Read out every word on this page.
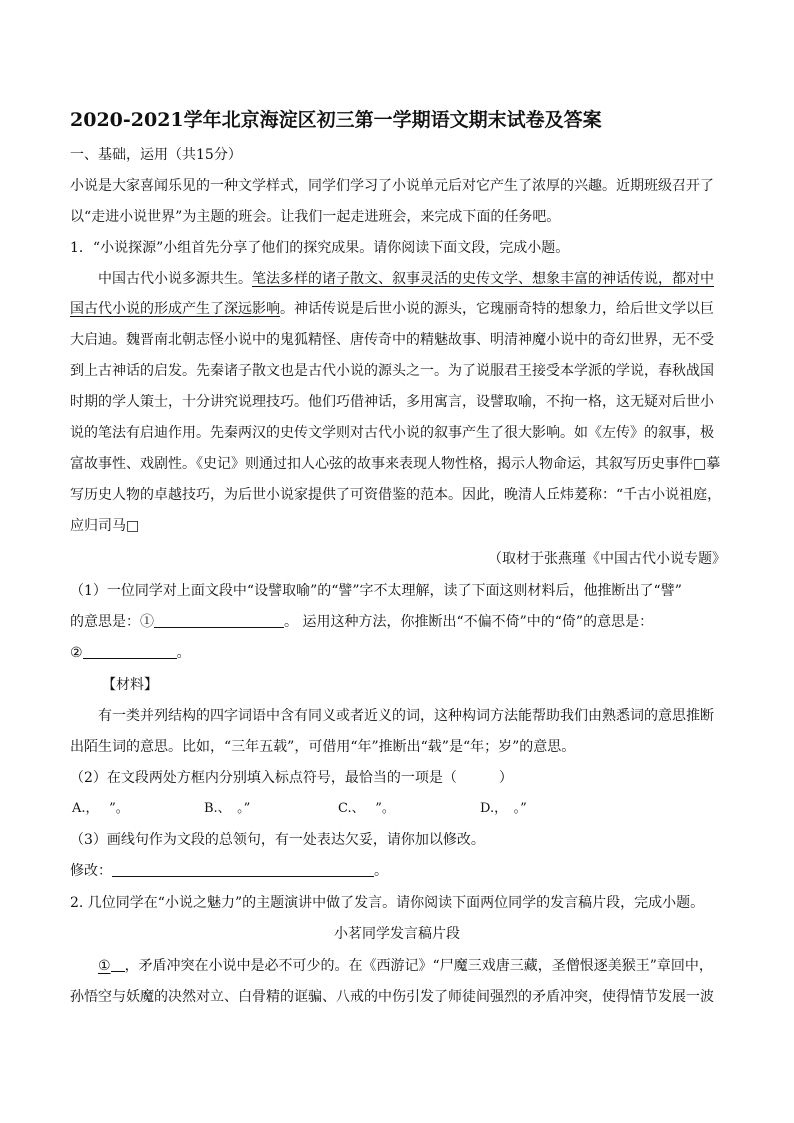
2020-2021学年北京海淀区初三第一学期语文期末试卷及答案
一、基础，运用（共15分）
小说是大家喜闻乐见的一种文学样式，同学们学习了小说单元后对它产生了浓厚的兴趣。近期班级召开了
以“走进小说世界”为主题的班会。让我们一起走进班会，来完成下面的任务吧。
1．“小说探源”小组首先分享了他们的探究成果。请你阅读下面文段，完成小题。
中国古代小说多源共生。笔法多样的诸子散文、叙事灵活的史传文学、想象丰富的神话传说，都对中
国古代小说的形成产生了深远影响。神话传说是后世小说的源头，它瑰丽奇特的想象力，给后世文学以巨
大启迪。魏晋南北朝志怪小说中的鬼狐精怪、唐传奇中的精魅故事、明清神魔小说中的奇幻世界，无不受
到上古神话的启发。先秦诸子散文也是古代小说的源头之一。为了说服君王接受本学派的学说，春秋战国
时期的学人策士，十分讲究说理技巧。他们巧借神话，多用寓言，设譬取喻，不拘一格，这无疑对后世小
说的笔法有启迪作用。先秦两汉的史传文学则对古代小说的叙事产生了很大影响。如《左传》的叙事，极
富故事性、戏剧性。《史记》则通过扣人心弦的故事来表现人物性格，揭示人物命运，其叙写历史事件□摹
写历史人物的卓越技巧，为后世小说家提供了可资借鉴的范本。因此，晚清人丘炜萲称：“千古小说祖庭，
应归司马□
（取材于张燕瑾《中国古代小说专题》
（1）一位同学对上面文段中“设譬取喻”的“譬”字不太理解，读了下面这则材料后，他推断出了“譬”
的意思是：①	。 运用这种方法，你推断出“不偏不倚”中的“倚”的意思是：
②	。
【材料】
有一类并列结构的四字词语中含有同义或者近义的词，这种构词方法能帮助我们由熟悉词的意思推断
出陌生词的意思。比如，“三年五载”，可借用“年”推断出“载”是“年；岁”的意思。
（2）在文段两处方框内分别填入标点符号，最恰当的一项是（　　　）
A.，　 ”。	B.、　。”	C.、　 ”。	D.，　。”
（3）画线句作为文段的总领句，有一处表达欠妥，请你加以修改。
修改：	。
2. 几位同学在“小说之魅力”的主题演讲中做了发言。请你阅读下面两位同学的发言稿片段，完成小题。
小茗同学发言稿片段
① ，矛盾冲突在小说中是必不可少的。在《西游记》“尸魔三戏唐三藏，圣僧恨逐美猴王”章回中，
孙悟空与妖魔的决然对立、白骨精的诓骗、八戒的中伤引发了师徒间强烈的矛盾冲突，使得情节发展一波
